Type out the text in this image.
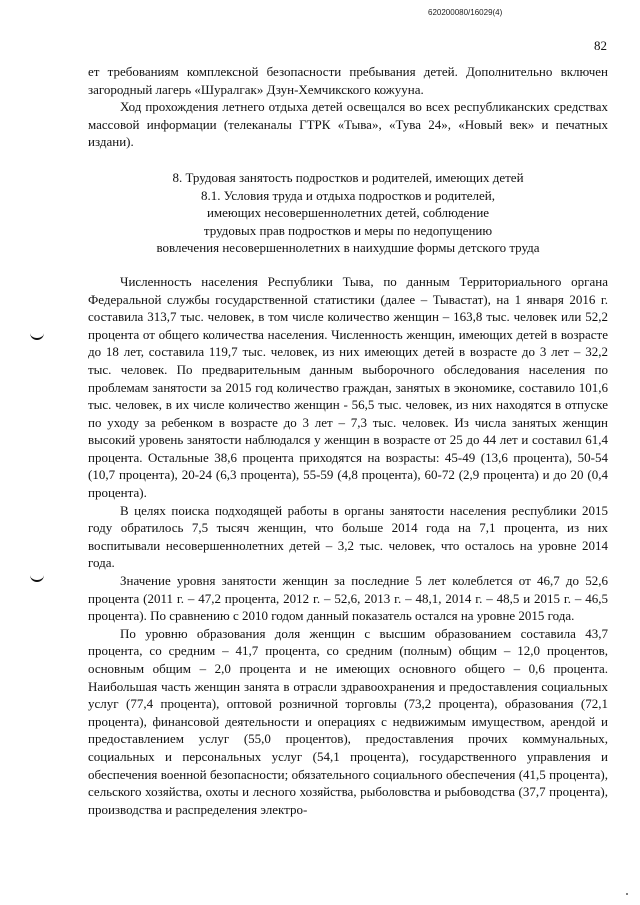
620200080/16029(4)
82

ет требованиям комплексной безопасности пребывания детей. Дополнительно включен загородный лагерь «Шуралгак» Дзун-Хемчикского кожууна.

Ход прохождения летнего отдыха детей освещался во всех республиканских средствах массовой информации (телеканалы ГТРК «Тыва», «Тува 24», «Новый век» и печатных издани).

8. Трудовая занятость подростков и родителей, имеющих детей
8.1. Условия труда и отдыха подростков и родителей,
имеющих несовершеннолетних детей, соблюдение
трудовых прав подростков и меры по недопущению
вовлечения несовершеннолетних в наихудшие формы детского труда

Численность населения Республики Тыва, по данным Территориального органа Федеральной службы государственной статистики (далее – Тывастат), на 1 января 2016 г. составила 313,7 тыс. человек, в том числе количество женщин – 163,8 тыс. человек или 52,2 процента от общего количества населения. Численность женщин, имеющих детей в возрасте до 18 лет, составила 119,7 тыс. человек, из них имеющих детей в возрасте до 3 лет – 32,2 тыс. человек. По предварительным данным выборочного обследования населения по проблемам занятости за 2015 год количество граждан, занятых в экономике, составило 101,6 тыс. человек, в их числе количество женщин - 56,5 тыс. человек, из них находятся в отпуске по уходу за ребенком в возрасте до 3 лет – 7,3 тыс. человек. Из числа занятых женщин высокий уровень занятости наблюдался у женщин в возрасте от 25 до 44 лет и составил 61,4 процента. Остальные 38,6 процента приходятся на возрасты: 45-49 (13,6 процента), 50-54 (10,7 процента), 20-24 (6,3 процента), 55-59 (4,8 процента), 60-72 (2,9 процента) и до 20 (0,4 процента).

В целях поиска подходящей работы в органы занятости населения республики 2015 году обратилось 7,5 тысяч женщин, что больше 2014 года на 7,1 процента, из них воспитывали несовершеннолетних детей – 3,2 тыс. человек, что осталось на уровне 2014 года.

Значение уровня занятости женщин за последние 5 лет колеблется от 46,7 до 52,6 процента (2011 г. – 47,2 процента, 2012 г. – 52,6, 2013 г. – 48,1, 2014 г. – 48,5 и 2015 г. – 46,5 процента). По сравнению с 2010 годом данный показатель остался на уровне 2015 года.

По уровню образования доля женщин с высшим образованием составила 43,7 процента, со средним – 41,7 процента, со средним (полным) общим – 12,0 процентов, основным общим – 2,0 процента и не имеющих основного общего – 0,6 процента. Наибольшая часть женщин занята в отрасли здравоохранения и предоставления социальных услуг (77,4 процента), оптовой розничной торговлы (73,2 процента), образования (72,1 процента), финансовой деятельности и операциях с недвижимым имуществом, арендой и предоставлением услуг (55,0 процентов), предоставления прочих коммунальных, социальных и персональных услуг (54,1 процента), государственного управления и обеспечения военной безопасности; обязательного социального обеспечения (41,5 процента), сельского хозяйства, охоты и лесного хозяйства, рыболовства и рыбоводства (37,7 процента), производства и распределения электро-
